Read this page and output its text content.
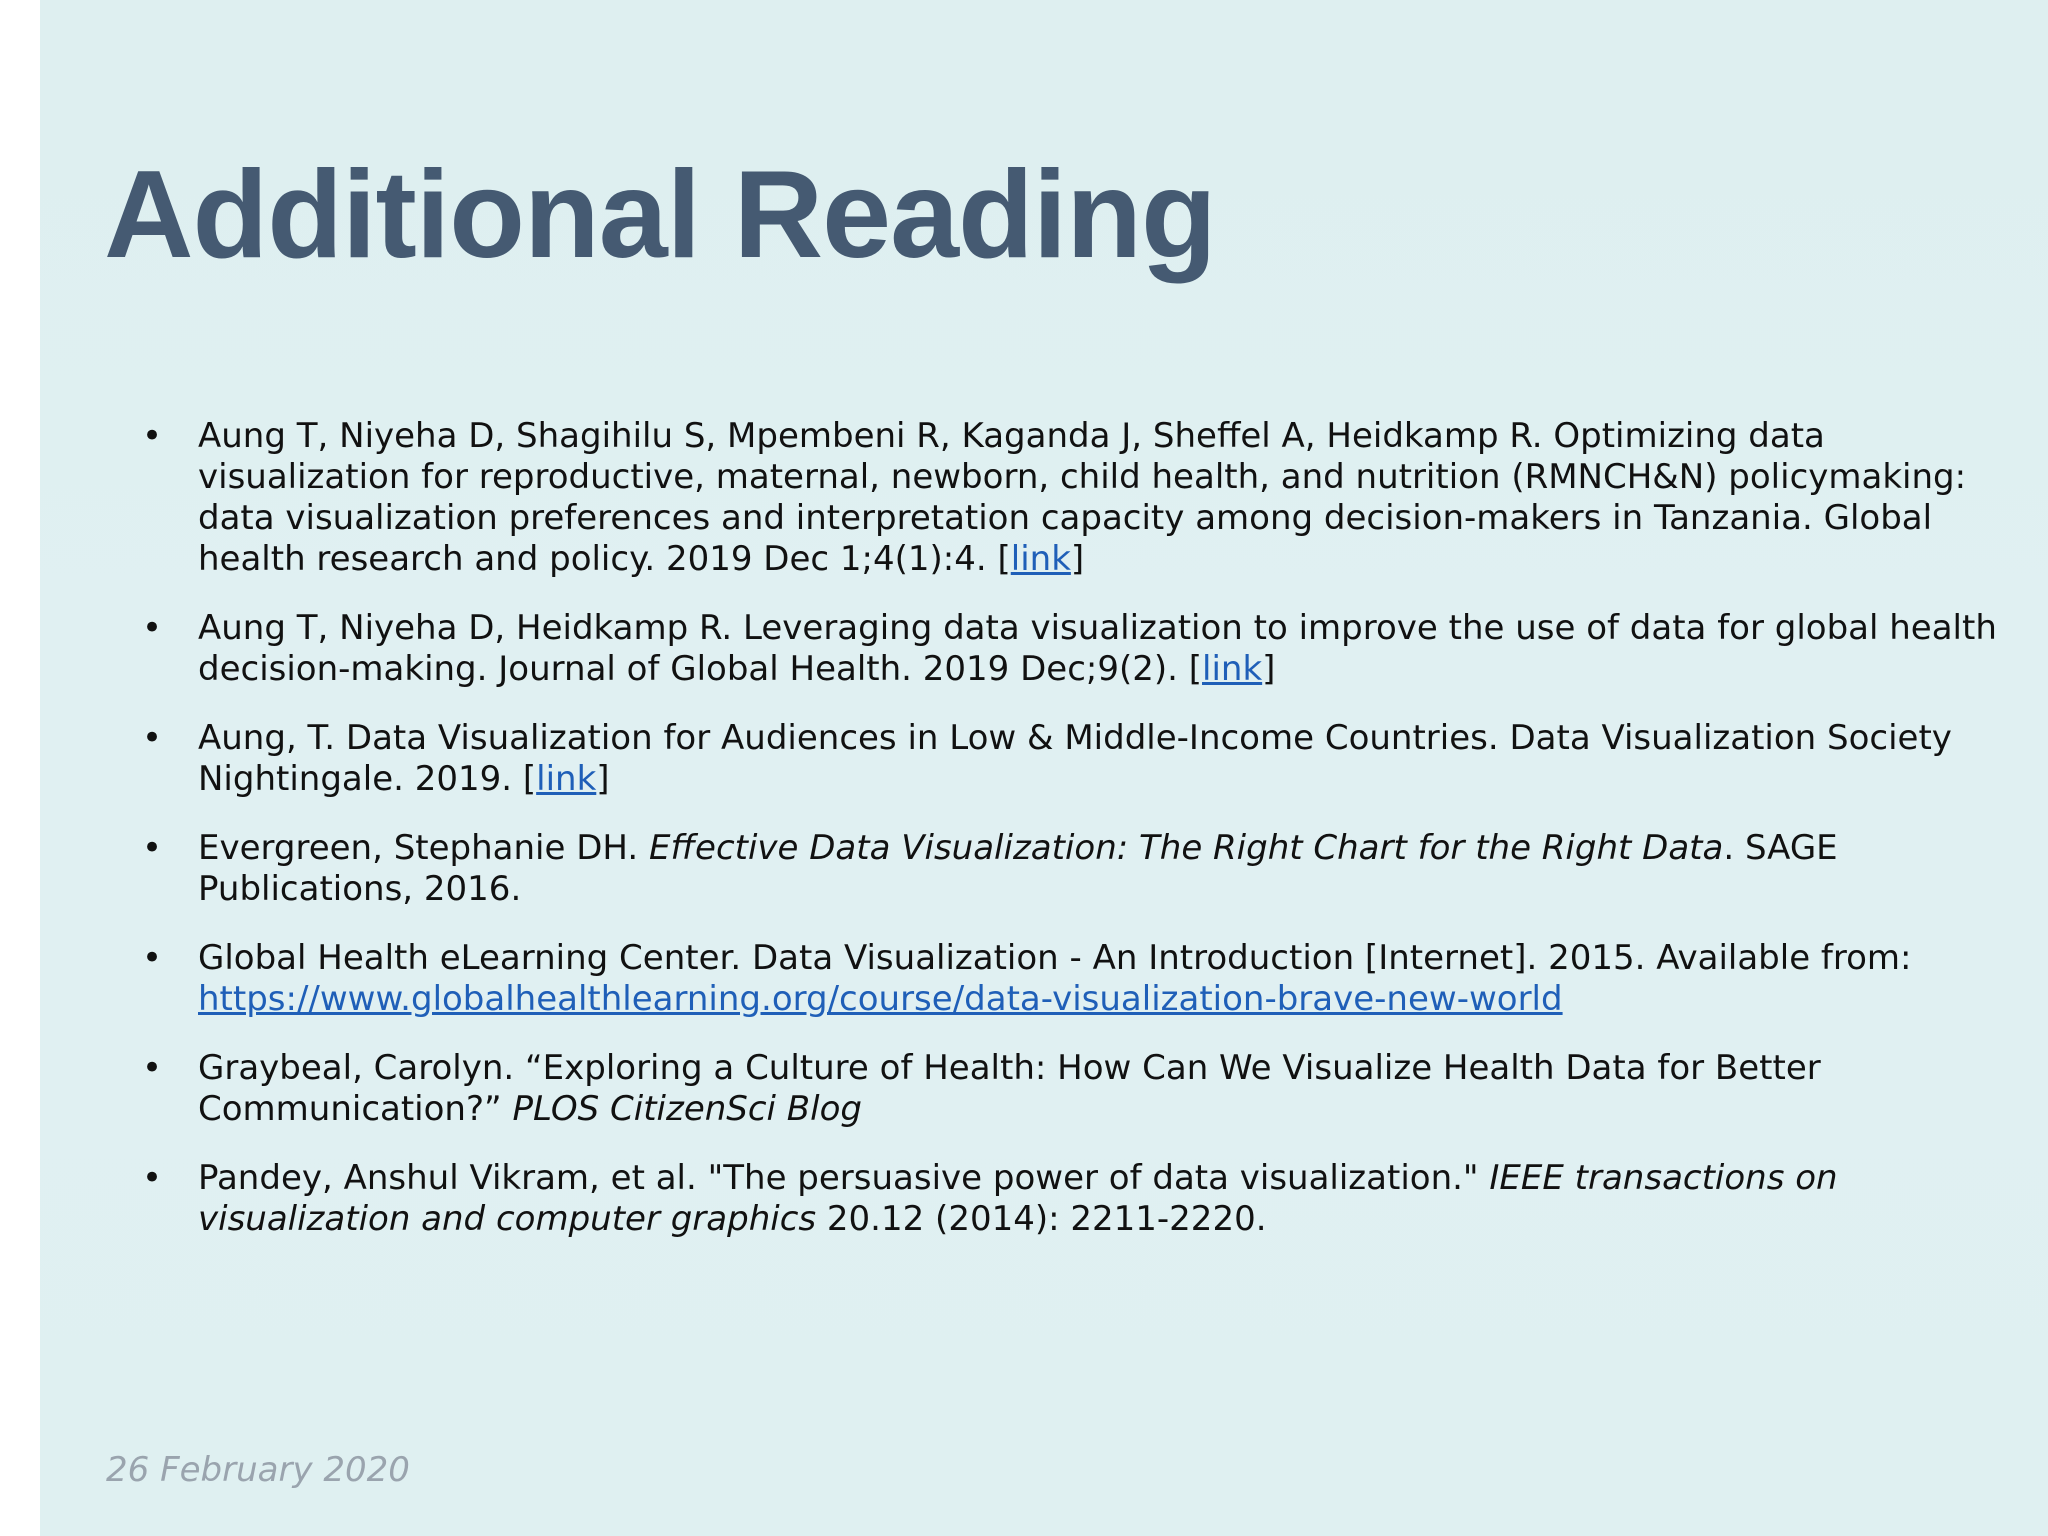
Additional Reading
•	Aung T, Niyeha D, Shagihilu S, Mpembeni R, Kaganda J, Sheffel A, Heidkamp R. Optimizing data visualization for reproductive, maternal, newborn, child health, and nutrition (RMNCH&N) policymaking: data visualization preferences and interpretation capacity among decision-makers in Tanzania. Global health research and policy. 2019 Dec 1;4(1):4. [link]
•	Aung T, Niyeha D, Heidkamp R. Leveraging data visualization to improve the use of data for global health decision-making. Journal of Global Health. 2019 Dec;9(2). [link]
•	Aung, T. Data Visualization for Audiences in Low & Middle-Income Countries. Data Visualization Society Nightingale. 2019. [link]
•	Evergreen, Stephanie DH. Effective Data Visualization: The Right Chart for the Right Data. SAGE Publications, 2016.
•	Global Health eLearning Center. Data Visualization - An Introduction [Internet]. 2015. Available from: https://www.globalhealthlearning.org/course/data-visualization-brave-new-world
•	Graybeal, Carolyn. “Exploring a Culture of Health: How Can We Visualize Health Data for Better Communication?” PLOS CitizenSci Blog
•	Pandey, Anshul Vikram, et al. "The persuasive power of data visualization." IEEE transactions on visualization and computer graphics 20.12 (2014): 2211-2220.
26 February 2020
